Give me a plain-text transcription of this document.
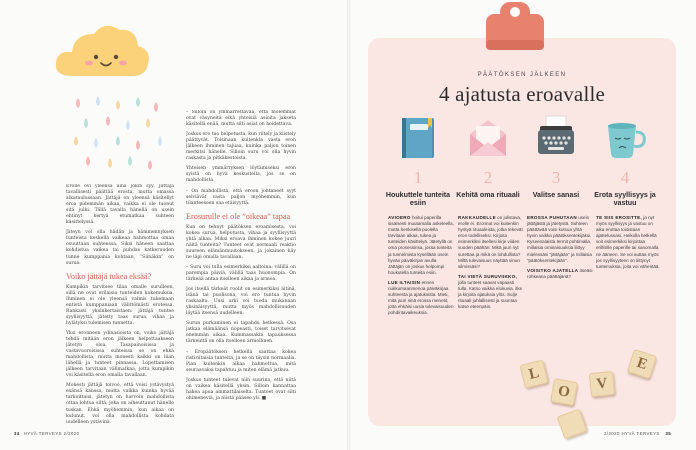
Erolle ovi yleensä aina jokin syy. Jättäjä tavallisesti päättää erosta, mutta omassa aikataulussaan. Jättäjä on yleensä käsitellyt eroa pidemmän aikaa, vaikka ei ole tuonut sitä julki. Tällä tavalla hänellä on usein ehtinyt kertyä etumatkaa suhteen käsittelyssä.

Jäteyn vol olla hädän ja hämmennyksen tunteista keskellä vaikeaa hahmottaa omaa osuuttaan suhteessa. Siksi häneen saattaa kohdistua vaikea tai puhdas katkeruuden tunne kumppania kohtaan, ”Siinäkin” on surua.

Voiko jättäjä tukea eksää?

Kumpikin tarvitsee tilaa omalle surulleen, sillä ne ovat erilaisia tunteiden kokemuksia. Ihminen ei ole yleensä valmis tukemaan entistä kumppaniaan välittömästi erotessa. Rankasti yksinkertaistaen: jättäjä tuntee syyllisyyttä, jätetty taas surua, vihaa ja hylätyksi tulemisen tunnetta.

Yksi eronneen ydinasioista on, voiko jättäjä tehdä mitään eron jälkeen helpottaakseen jätetyn oloa. Tasapainoisissa ja vastavuoroisissa suhteissa se on ehkä mahdollista, mutta monesti kaikki on liian lähellä ja tunteet pinnassa. Lopettamisen jälkeen tarvitaan välimatkaa, jotta kumpikin voi käsitellä eron omalla tavallaan.

Monesti jättäjä toivoo, että voisi ystävystyä exänsä kanssa, mutta vaikka kuinka hyvää tarkoittaisi, jätetyn on harvoin mahdollista ottaa lohtua siltä, joka on aiheuttanut hänelle tuskan. Ehkä myöhemmin, kun aikaa on kulunut, voi olla mahdollista kohdata uudelleen ystävinä.

– Silloin on ymmärrettävää, että molemmat ovat väsyneitä eikä yhteisiä asioita jakseta käsitellä enää, mutta silti asiat on hoidettava.

Joskus ero tuo helpotusta, kun riitely ja kiistely päättyvät. Toisinaan kuitenkin vasta eron jälkeen ihminen tajuaa, kuinka paljon toinen merkitsi hänelle. Silloin suru voi olla hyvin raskasta ja pitkäkestoista.

Yhteisen ymmärryksen löytämiseksi eron syistä on hyvä keskustella, jos se on mahdollista.

– On mahdollista, että eroon johtaneet syyt selviävät vasta paljon myöhemmin, kun tilanteeseen saa etäisyyttä.

Erosurulle ei ole ”oikeaa” tapaa

Kun on tehnyt päätöksen eroamisesta, voi kokea surua, helpotusta, vihaa ja syyllisyyttä yhtä aikaa. Miksi eroava ihminen kokee juuri näitä tunteita? Tunteet ovat normaali reaktio suureen elämänmuutokseen, ja jokainen käy ne läpi omalla tavallaan.

– Suru voi tulla esimerkiksi aaltoina: välillä on parempia päiviä, välillä taas huonompia. On tärkeää antaa itselleen aikaa ja armoa.

Jos itsellä tärkeät roolit on esimerkiksi äitinä, isänä tai puolisona, voi ero tuntua hyvin raskaalta. Uusi arki voi tuoda mukanaan yksinäisyyttä, mutta myös mahdollisuuden löytää itsensä uudelleen.

Surun purkaminen ei tapahdu hetkessä. Osa jatkaa elämäänsä nopeasti, toiset tarvitsevat enemmän aikaa. Kummassakin tapauksessa tärkeintä on olla itselleen armollinen.

– Eropäätöksen hetkellä saattaa kokea ristiriitaisia tunteita, ja se on täysin normaalia. Pian kuitenkin alkaa hahmottua, mitä seuraavaksi tapahtuu ja miten elämä jatkuu.

Joskus tunteet tulevat niin suurina, että niitä on vaikea käsitellä yksin. Silloin kannattaa hakea apua ammattilaiselta. Tunteet ovat silti ohimeneviä, ja niistä pääsee yli. ■

34 HYVÄ TERVEYS 2/2020
PÄÄTÖKSEN JÄLKEEN
4 ajatusta eroavalle
1	2	3	4
Houkuttele tunteita esiin
Kehitä oma rituaali	Valitse sanasi	Erota syyllisyys ja vastuu

AVIOERO hoitui paperilla sisäisesti muutamalla askeleella, mutta henkisellä puolella tarvitaan aikaa, tukea ja tunteiden käsittelyä. Jätetyllä on oma prosessinsa, jossa tunteita ja tunnelmista kysellään usein hyvän päiväkirjan avulla. Jättäjän on joskus helpompi houkutella tunteita esiin.

LUE ILTAISIN ennen nukkumaanmenoa päiväkirjaa suhteesta ja ajatuksista. Mieti, mitä juuri sinä erossa menetit, jotta ehkäisi uusia tulevaisuuden pohdintavaikeuksia.

RAKKAUDELLE on julistava, erolle ei. Eronnut voi kuitenkin hyötyä rituaaleista, jotka tekevät eron todelliseksi. Kirjoita esimerkiksi itsellesi kirje viiden vuoden päähän: Mikä juuri nyt surettaa ja mikä on lohdullista? Miltä tulevaisuus näyttää sinun silmissäsi?

TAI VIETÄ SURUVIIKKO, jolla tunteet saavat vapaasti tulla. Katso vaikka elokuvia, itke ja kirjoita ajatuksia ylös. Sulje rituaali juhlallisesti ja suuntaa katse eteenpäin.

EROSSA PUHUTAAN usein jättäjästä ja jätetystä. Suhteen päättävää voisi kutsua yhtä hyvin vaikka päätöksentekijäksi. Kyseenalaista termit pohtimalla, millaisia ominaisuuksia liittyy mielessäsi ”jättäjään” ja millaisia ”päätöksentekijään”.

VOISITKO AJATELLA itseäsi rohkeana päättäjänä?

TE SIIS EROSITTE, ja nyt myös syyllisyys ja vastuu on aika erottaa toisistaan ajattelussasi. Heikolla hetkellä voit esimerkiksi kirjoittaa erillisille paperille tai sanomalla ne ääneen. Se voi auttaa myös jos syyllisyyteen on liittynyt tuntemuksia, joita voi vähentää.

L
O	V
E
2/2020 HYVÄ TERVEYS 35
